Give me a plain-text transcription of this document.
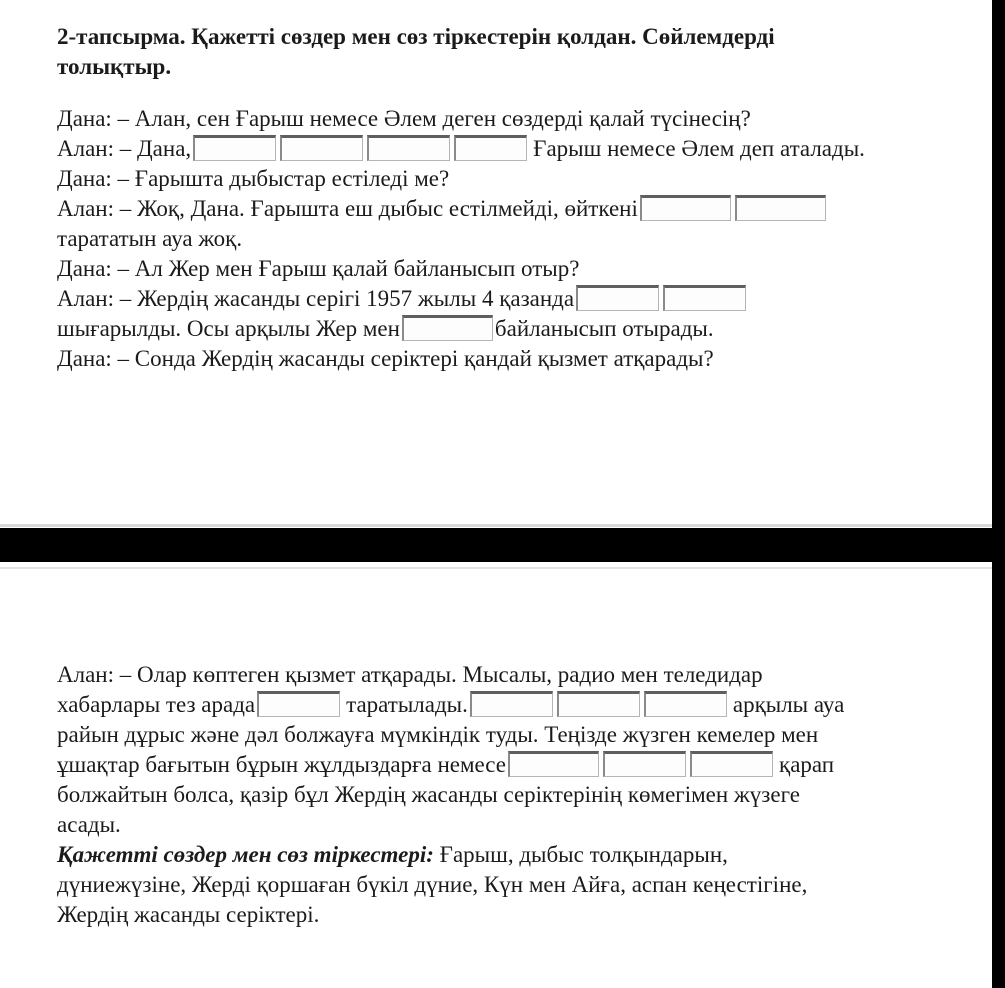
2-тапсырма. Қажетті сөздер мен сөз тіркестерін қолдан. Сөйлемдерді
толықтыр.
Дана: – Алан, сен Ғарыш немесе Әлем деген сөздерді қалай түсінесің?
Алан: – Дана,	Ғарыш немесе Әлем деп аталады.
Дана: – Ғарышта дыбыстар естіледі ме?
Алан: – Жоқ, Дана. Ғарышта еш дыбыс естілмейді, өйткені
тарататын ауа жоқ.
Дана: – Ал Жер мен Ғарыш қалай байланысып отыр?
Алан: – Жердің жасанды серігі 1957 жылы 4 қазанда
шығарылды. Осы арқылы Жер мен	байланысып отырады.
Дана: – Сонда Жердің жасанды серіктері қандай қызмет атқарады?
Алан: – Олар көптеген қызмет атқарады. Мысалы, радио мен теледидар
хабарлары тез арада	таратылады.	арқылы ауа
райын дұрыс және дәл болжауға мүмкіндік туды. Теңізде жүзген кемелер мен
ұшақтар бағытын бұрын жұлдыздарға немесе	қарап
болжайтын болса, қазір бұл Жердің жасанды серіктерінің көмегімен жүзеге
асады.
Қажетті сөздер мен сөз тіркестері: Ғарыш, дыбыс толқындарын,
дүниежүзіне, Жерді қоршаған бүкіл дүние, Күн мен Айға, аспан кеңестігіне,
Жердің жасанды серіктері.
